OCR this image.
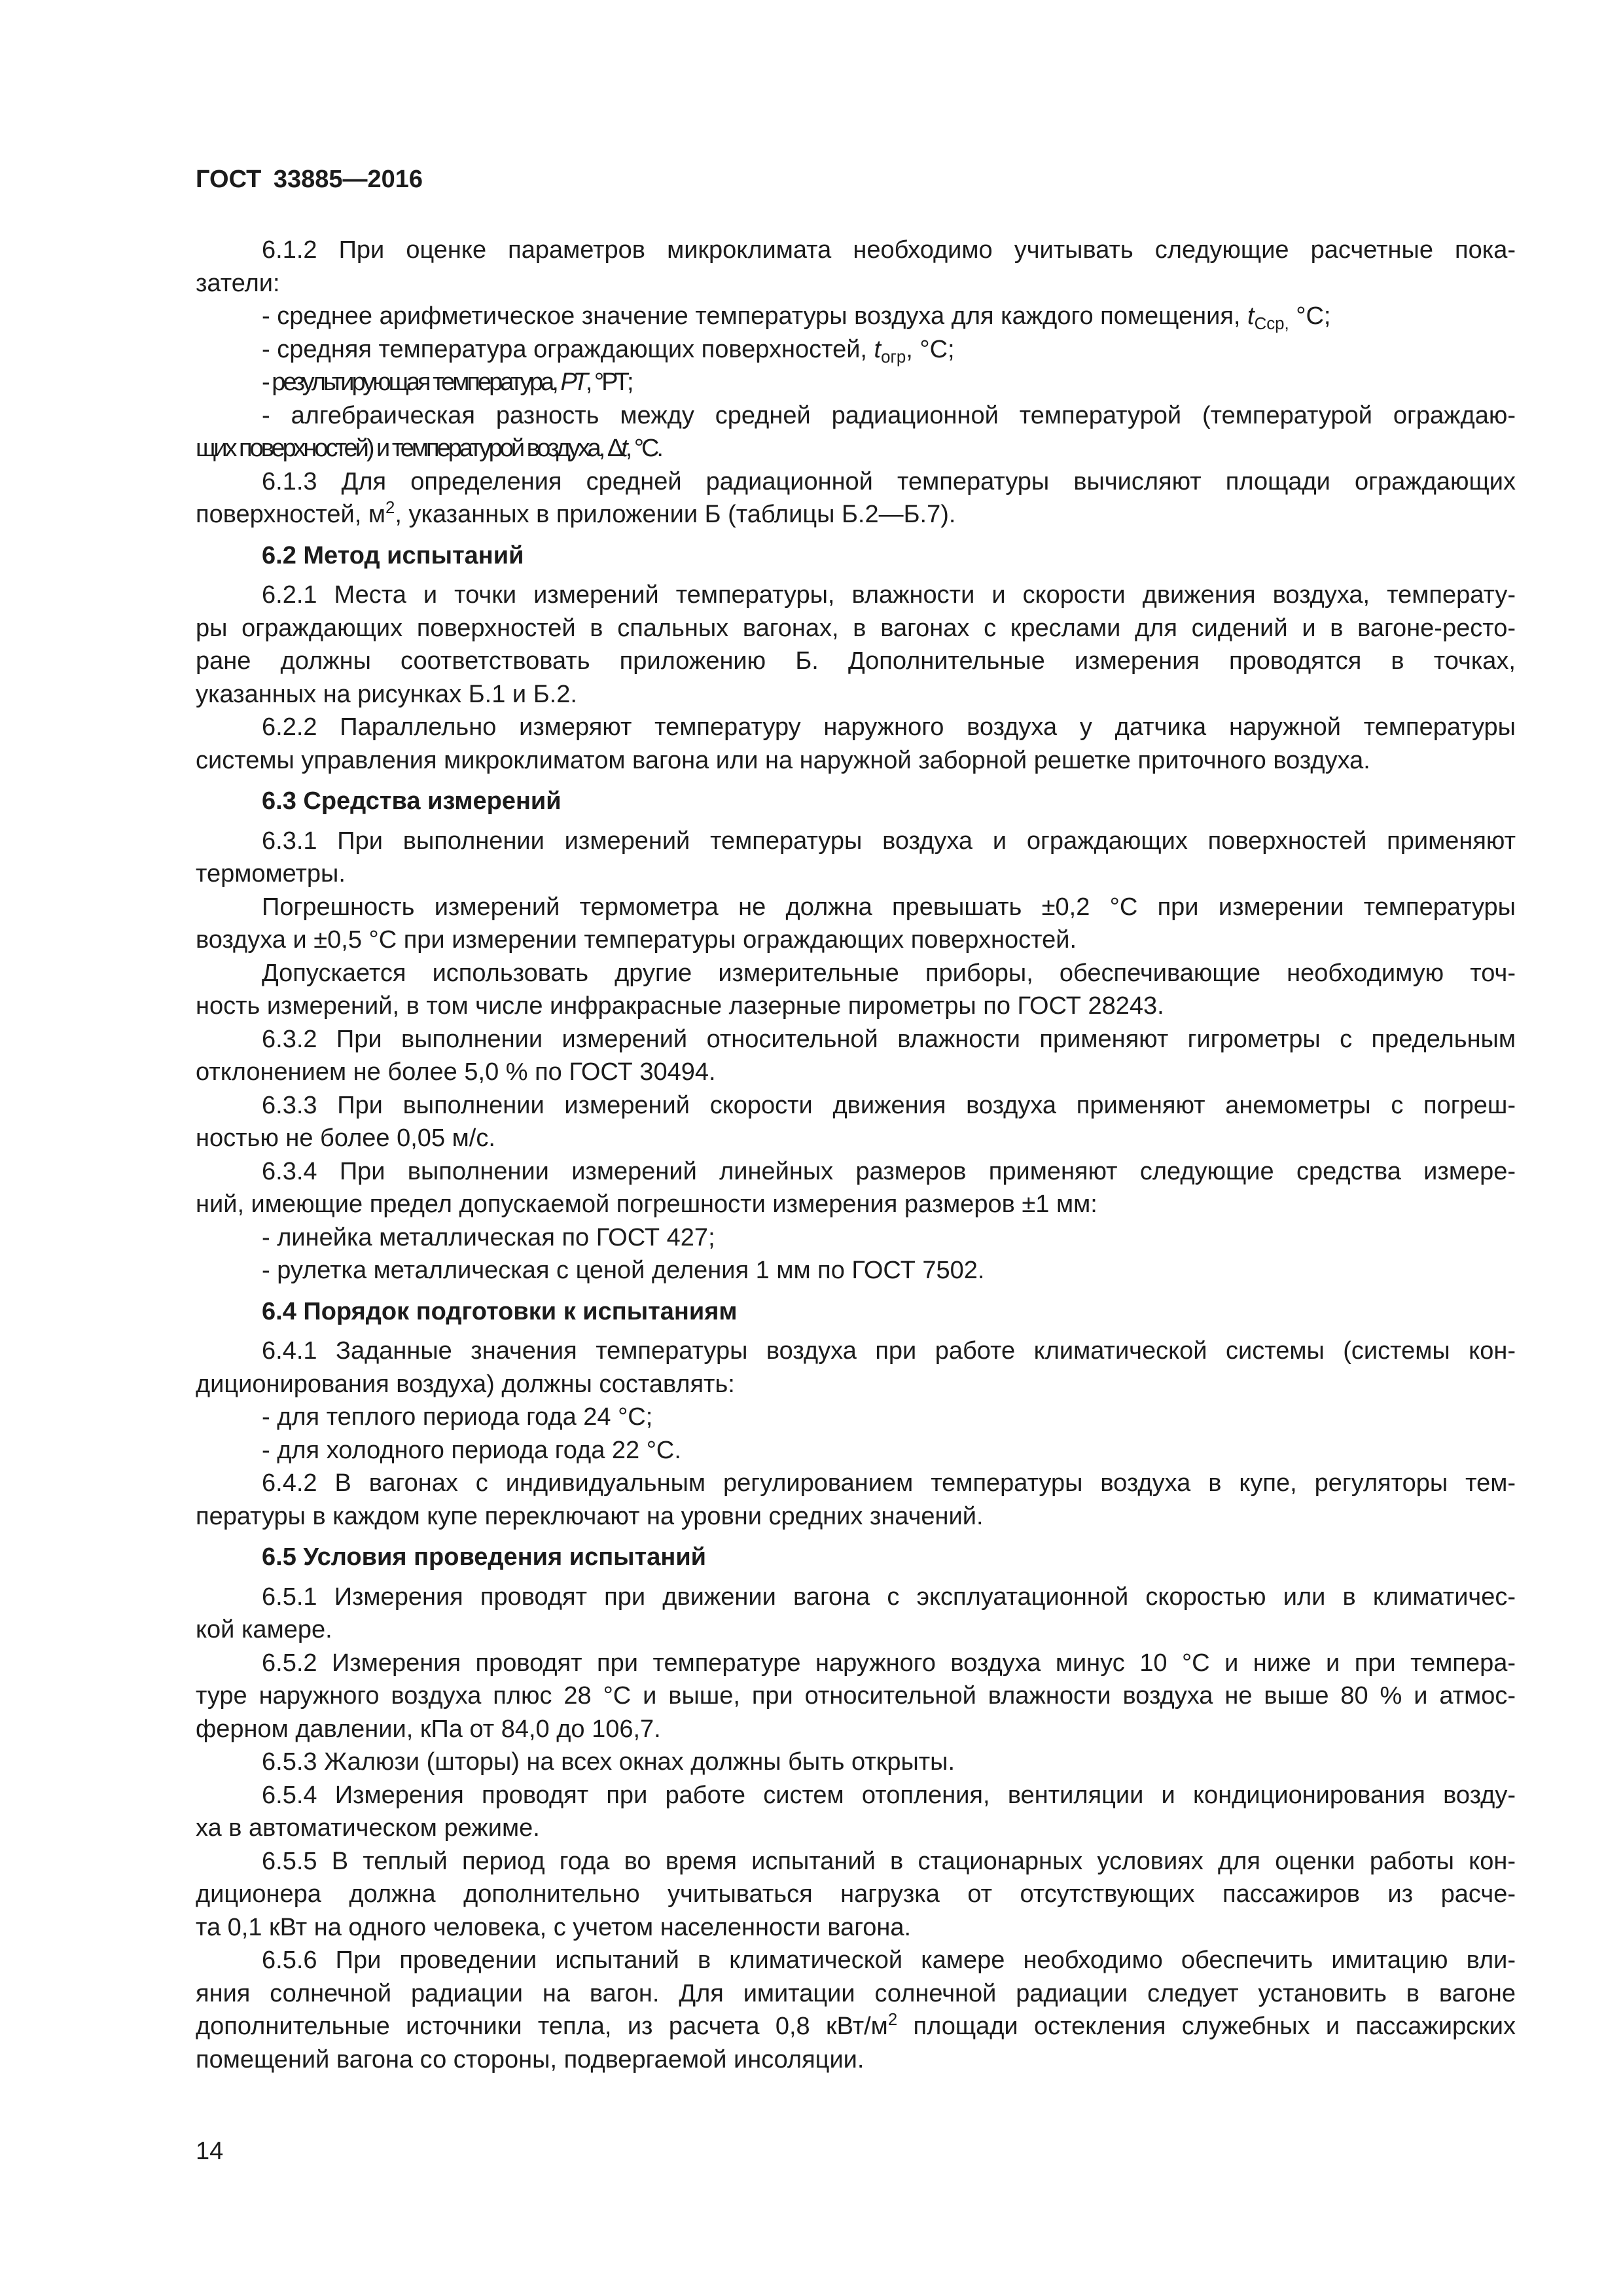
ГОСТ 33885—2016
6.1.2 При оценке параметров микроклимата необходимо учитывать следующие расчетные пока-
затели:
- среднее арифметическое значение температуры воздуха для каждого помещения, $t_{Сср,}$ °C;
- средняя температура ограждающих поверхностей, $t_{огр}$, °C;
- результирующая температура, РТ, °РТ;
- алгебраическая разность между средней радиационной температурой (температурой ограждаю-
щих поверхностей) и температурой воздуха, Δt, °C.
6.1.3 Для определения средней радиационной температуры вычисляют площади ограждающих
поверхностей, $м^2$, указанных в приложении Б (таблицы Б.2—Б.7).
6.2 Метод испытаний
6.2.1 Места и точки измерений температуры, влажности и скорости движения воздуха, температу-
ры ограждающих поверхностей в спальных вагонах, в вагонах с креслами для сидений и в вагоне-ресто-
ране должны соответствовать приложению Б. Дополнительные измерения проводятся в точках,
указанных на рисунках Б.1 и Б.2.
6.2.2 Параллельно измеряют температуру наружного воздуха у датчика наружной температуры
системы управления микроклиматом вагона или на наружной заборной решетке приточного воздуха.
6.3 Средства измерений
6.3.1 При выполнении измерений температуры воздуха и ограждающих поверхностей применяют
термометры.
Погрешность измерений термометра не должна превышать ±0,2 °C при измерении температуры
воздуха и ±0,5 °C при измерении температуры ограждающих поверхностей.
Допускается использовать другие измерительные приборы, обеспечивающие необходимую точ-
ность измерений, в том числе инфракрасные лазерные пирометры по ГОСТ 28243.
6.3.2 При выполнении измерений относительной влажности применяют гигрометры с предельным
отклонением не более 5,0 % по ГОСТ 30494.
6.3.3 При выполнении измерений скорости движения воздуха применяют анемометры с погреш-
ностью не более 0,05 м/с.
6.3.4 При выполнении измерений линейных размеров применяют следующие средства измере-
ний, имеющие предел допускаемой погрешности измерения размеров ±1 мм:
- линейка металлическая по ГОСТ 427;
- рулетка металлическая с ценой деления 1 мм по ГОСТ 7502.
6.4 Порядок подготовки к испытаниям
6.4.1 Заданные значения температуры воздуха при работе климатической системы (системы кон-
диционирования воздуха) должны составлять:
- для теплого периода года 24 °C;
- для холодного периода года 22 °C.
6.4.2 В вагонах с индивидуальным регулированием температуры воздуха в купе, регуляторы тем-
пературы в каждом купе переключают на уровни средних значений.
6.5 Условия проведения испытаний
6.5.1 Измерения проводят при движении вагона с эксплуатационной скоростью или в климатичес-
кой камере.
6.5.2 Измерения проводят при температуре наружного воздуха минус 10 °C и ниже и при темпера-
туре наружного воздуха плюс 28 °C и выше, при относительной влажности воздуха не выше 80 % и атмос-
ферном давлении, кПа от 84,0 до 106,7.
6.5.3 Жалюзи (шторы) на всех окнах должны быть открыты.
6.5.4 Измерения проводят при работе систем отопления, вентиляции и кондиционирования возду-
ха в автоматическом режиме.
6.5.5 В теплый период года во время испытаний в стационарных условиях для оценки работы кон-
диционера должна дополнительно учитываться нагрузка от отсутствующих пассажиров из расче-
та 0,1 кВт на одного человека, с учетом населенности вагона.
6.5.6 При проведении испытаний в климатической камере необходимо обеспечить имитацию вли-
яния солнечной радиации на вагон. Для имитации солнечной радиации следует установить в вагоне
дополнительные источники тепла, из расчета 0,8 кВт/$м^2$ площади остекления служебных и пассажирских
помещений вагона со стороны, подвергаемой инсоляции.
14
